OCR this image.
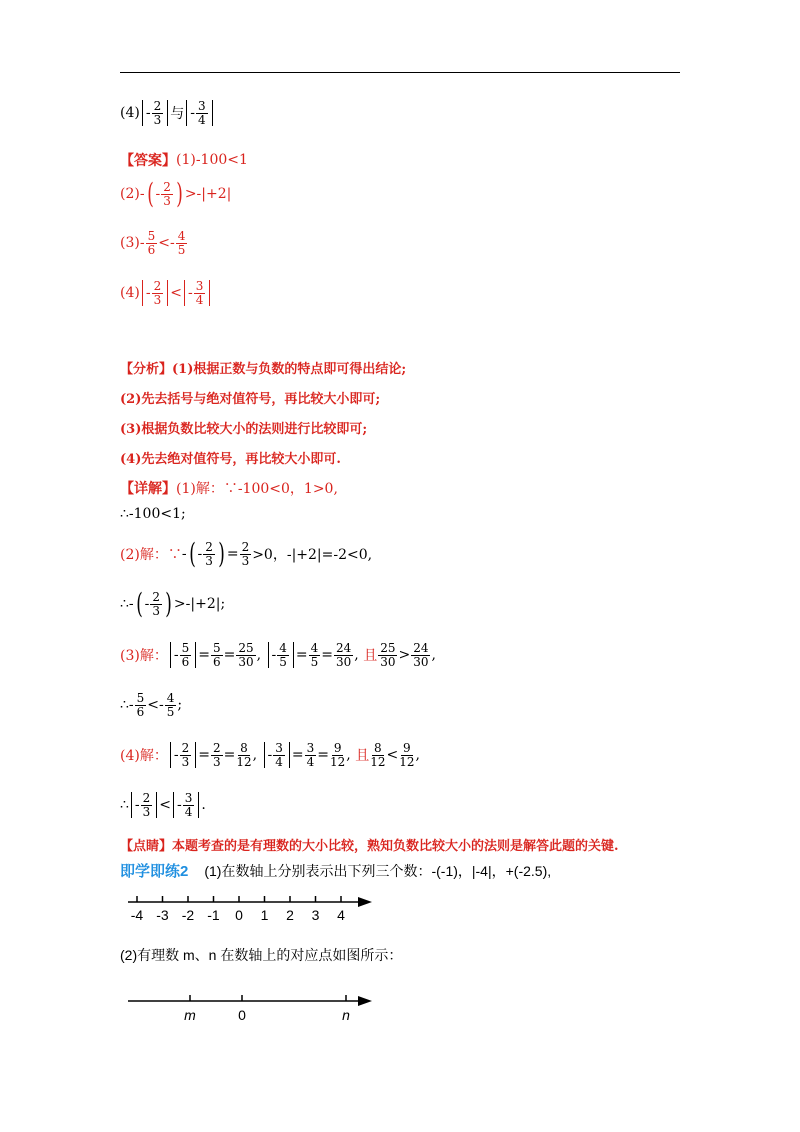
$(4) - \frac{2}{3}$ 与 - $\frac{3}{4}$
【答案】 (1)-100<1
(2) - ( - $\frac{2}{3}$ ) >-|+2|
$(3) - \frac{5}{6}$ < - $\frac{4}{5}$
$(4) - \frac{2}{3}$ < - $\frac{3}{4}$
【分析】 (1)根据正数与负数的特点即可得出结论;
(2)先去括号与绝对值符号，再比较大小即可;
(3)根据负数比较大小的法则进行比较即可;
(4)先去绝对值符号，再比较大小即可.
【详解】 (1)解：∵-100<0，1>0,
∴-100<1;
(2)解：∵ - ( - $\frac{2}{3}$ ) = $\frac{2}{3} >0$，-|+2|=-2<0,
∴ - ( - $\frac{2}{3}$ ) >-|+2|;
(3)解： - $\frac{5}{6} = \frac{5}{6} = \frac{25}{30}$ , - $\frac{4}{5} = \frac{4}{5} = \frac{24}{30}$ , 且 $\frac{25}{30} > \frac{24}{30}$ ,
∴ - $\frac{5}{6}$ < - $\frac{4}{5}$ ;
(4)解： - $\frac{2}{3} = \frac{2}{3} = \frac{8}{12}$ , - $\frac{3}{4} = \frac{3}{4} = \frac{9}{12}$ , 且 $\frac{8}{12} < \frac{9}{12}$ ,
∴ - $\frac{2}{3}$ < - $\frac{3}{4}$ .
【点睛】 本题考查的是有理数的大小比较，熟知负数比较大小的法则是解答此题的关键.
即学即练2 (1)在数轴上分别表示出下列三个数：-(-1)，|-4|，+(-2.5),
-4 -3 -2 -1 0 1 2 3 4
(2)有理数 m、n 在数轴上的对应点如图所示：
m	0	n
